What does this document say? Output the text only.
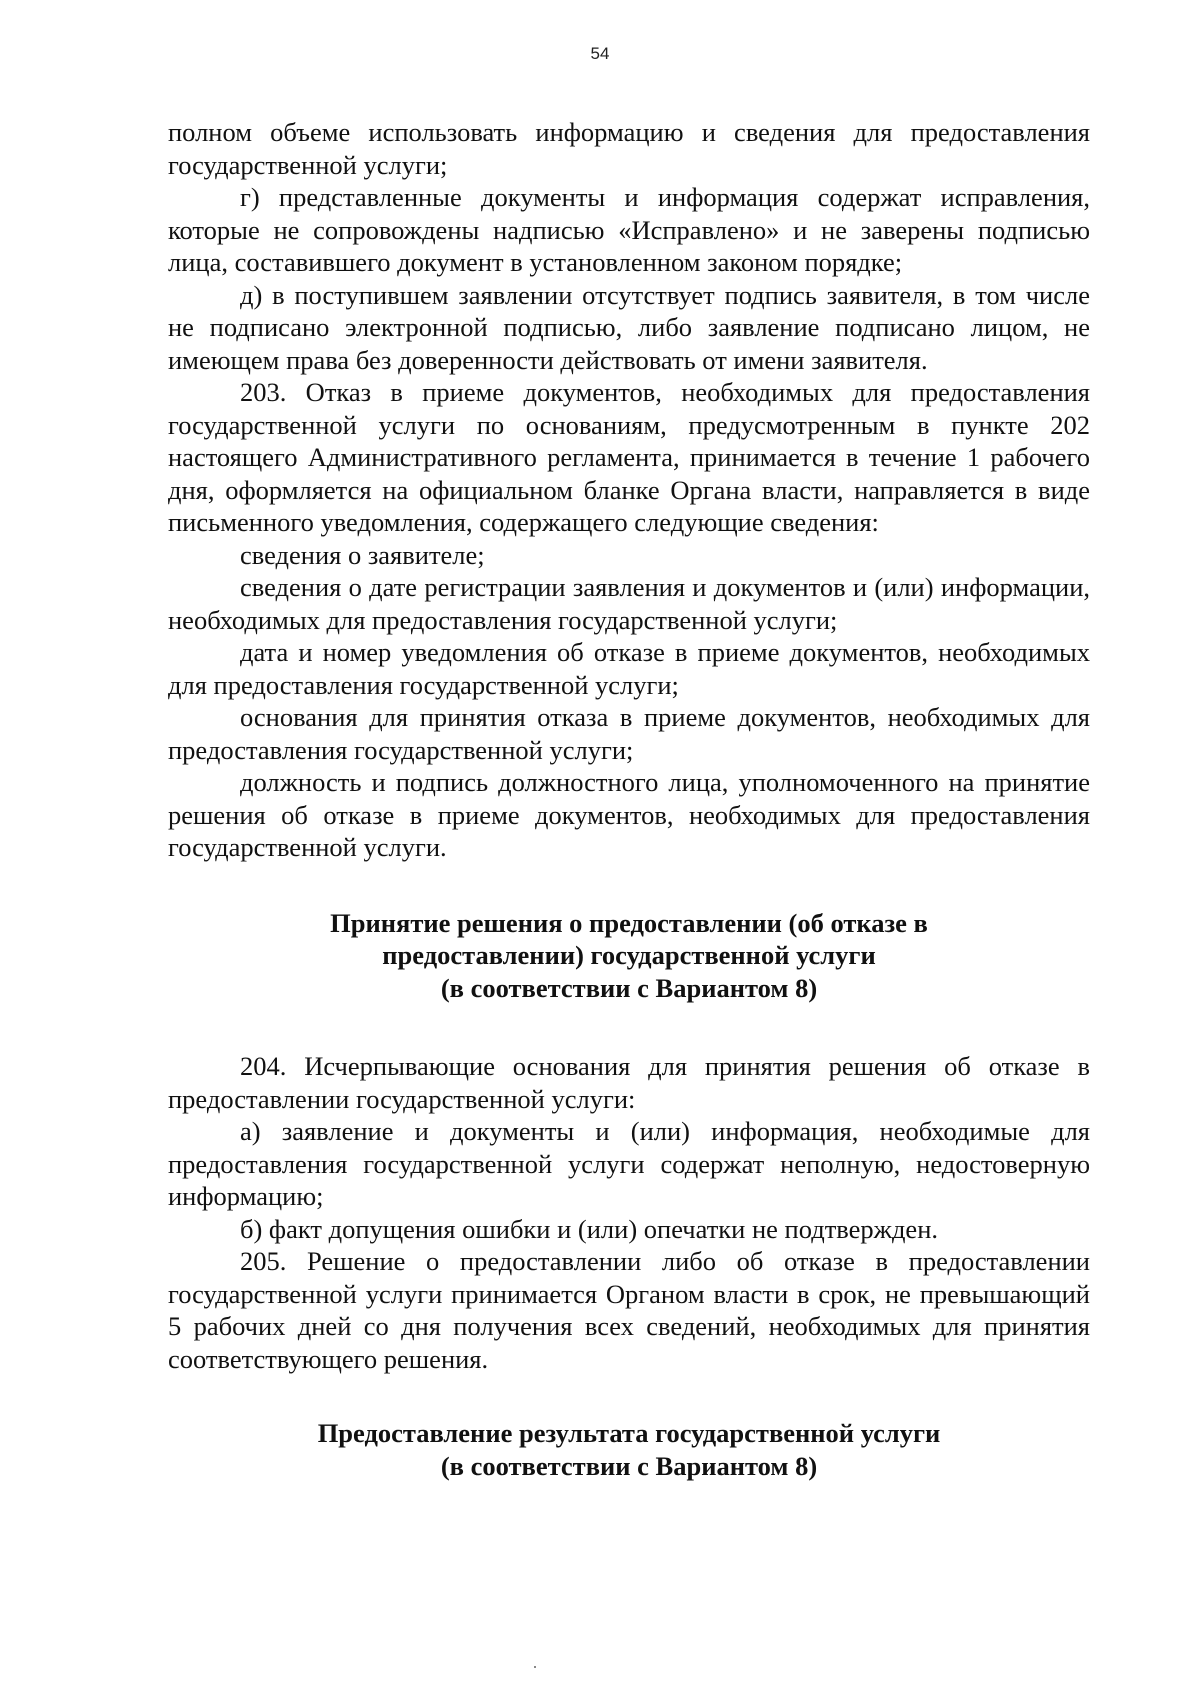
54

полном объеме использовать информацию и сведения для предоставления государственной услуги;

г) представленные документы и информация содержат исправления, которые не сопровождены надписью «Исправлено» и не заверены подписью лица, составившего документ в установленном законом порядке;

д) в поступившем заявлении отсутствует подпись заявителя, в том числе не подписано электронной подписью, либо заявление подписано лицом, не имеющем права без доверенности действовать от имени заявителя.

203. Отказ в приеме документов, необходимых для предоставления государственной услуги по основаниям, предусмотренным в пункте 202 настоящего Административного регламента, принимается в течение 1 рабочего дня, оформляется на официальном бланке Органа власти, направляется в виде письменного уведомления, содержащего следующие сведения:

сведения о заявителе;

сведения о дате регистрации заявления и документов и (или) информации, необходимых для предоставления государственной услуги;

дата и номер уведомления об отказе в приеме документов, необходимых для предоставления государственной услуги;

основания для принятия отказа в приеме документов, необходимых для предоставления государственной услуги;

должность и подпись должностного лица, уполномоченного на принятие решения об отказе в приеме документов, необходимых для предоставления государственной услуги.

Принятие решения о предоставлении (об отказе в
предоставлении) государственной услуги
(в соответствии с Вариантом 8)

204. Исчерпывающие основания для принятия решения об отказе в предоставлении государственной услуги:

а) заявление и документы и (или) информация, необходимые для предоставления государственной услуги содержат неполную, недостоверную информацию;

б) факт допущения ошибки и (или) опечатки не подтвержден.

205. Решение о предоставлении либо об отказе в предоставлении государственной услуги принимается Органом власти в срок, не превышающий 5 рабочих дней со дня получения всех сведений, необходимых для принятия соответствующего решения.

Предоставление результата государственной услуги
(в соответствии с Вариантом 8)
